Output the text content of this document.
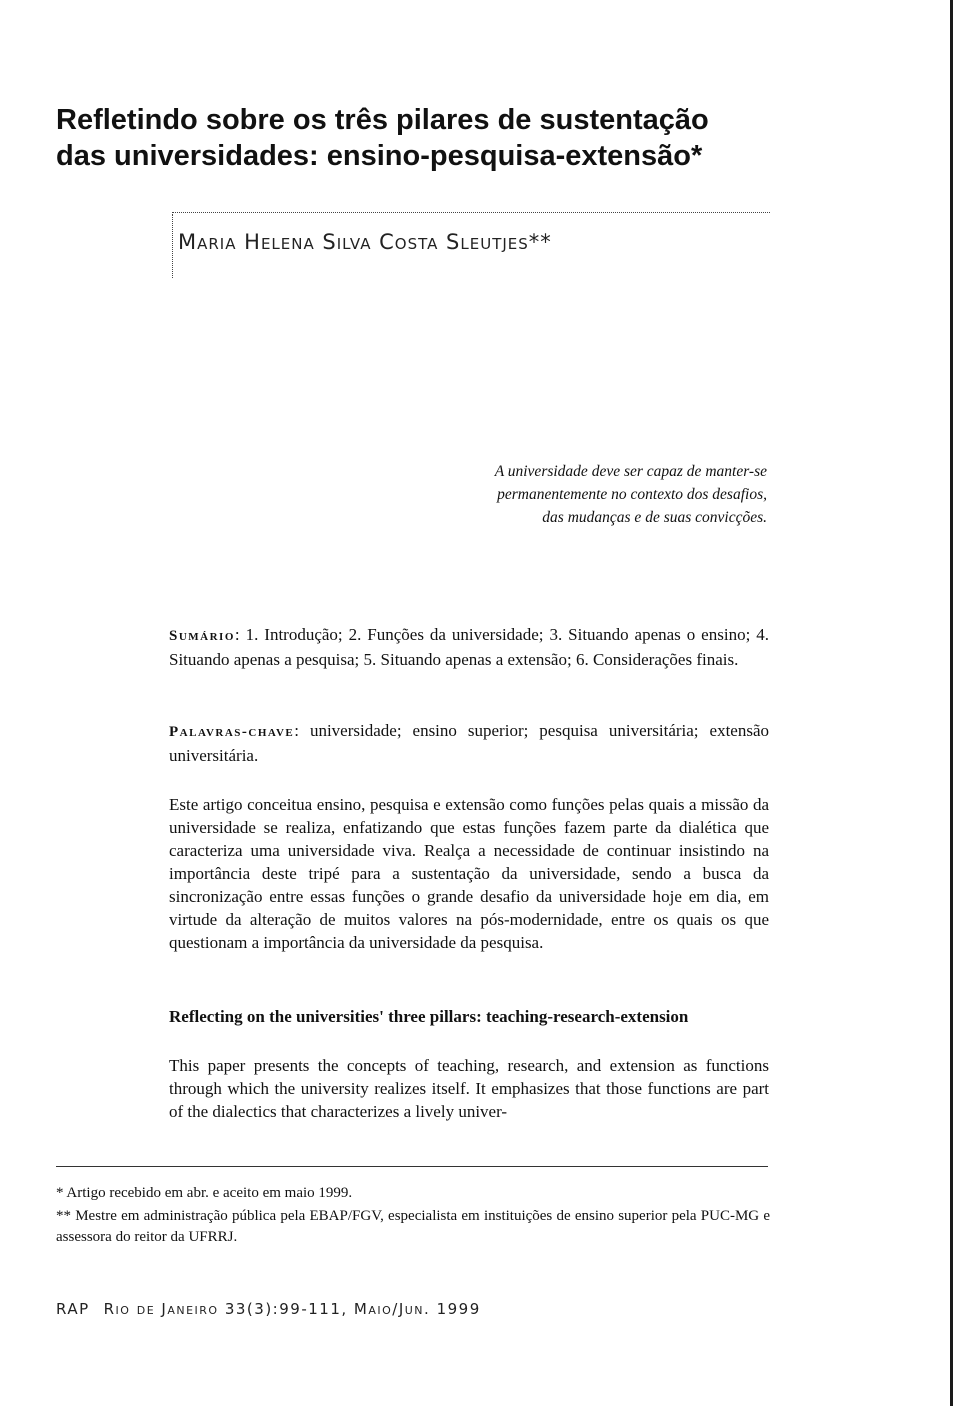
Refletindo sobre os três pilares de sustentação
das universidades: ensino-pesquisa-extensão*

Maria Helena Silva Costa Sleutjes**

A universidade deve ser capaz de manter-se
permanentemente no contexto dos desafios,
das mudanças e de suas convicções.

Sumário: 1. Introdução; 2. Funções da universidade; 3. Situando apenas o ensino; 4. Situando apenas a pesquisa; 5. Situando apenas a extensão; 6. Considerações finais.

Palavras-chave: universidade; ensino superior; pesquisa universitária; extensão universitária.

Este artigo conceitua ensino, pesquisa e extensão como funções pelas quais a missão da universidade se realiza, enfatizando que estas funções fazem parte da dialética que caracteriza uma universidade viva. Realça a necessidade de continuar insistindo na importância deste tripé para a sustentação da universidade, sendo a busca da sincronização entre essas funções o grande desafio da universidade hoje em dia, em virtude da alteração de muitos valores na pós-modernidade, entre os quais os que questionam a importância da universidade da pesquisa.

Reflecting on the universities' three pillars: teaching-research-extension

This paper presents the concepts of teaching, research, and extension as functions through which the university realizes itself. It emphasizes that those functions are part of the dialectics that characterizes a lively univer-

* Artigo recebido em abr. e aceito em maio 1999.

** Mestre em administração pública pela EBAP/FGV, especialista em instituições de ensino superior pela PUC-MG e assessora do reitor da UFRRJ.

RAP Rio de Janeiro 33(3):99-111, Maio/Jun. 1999
